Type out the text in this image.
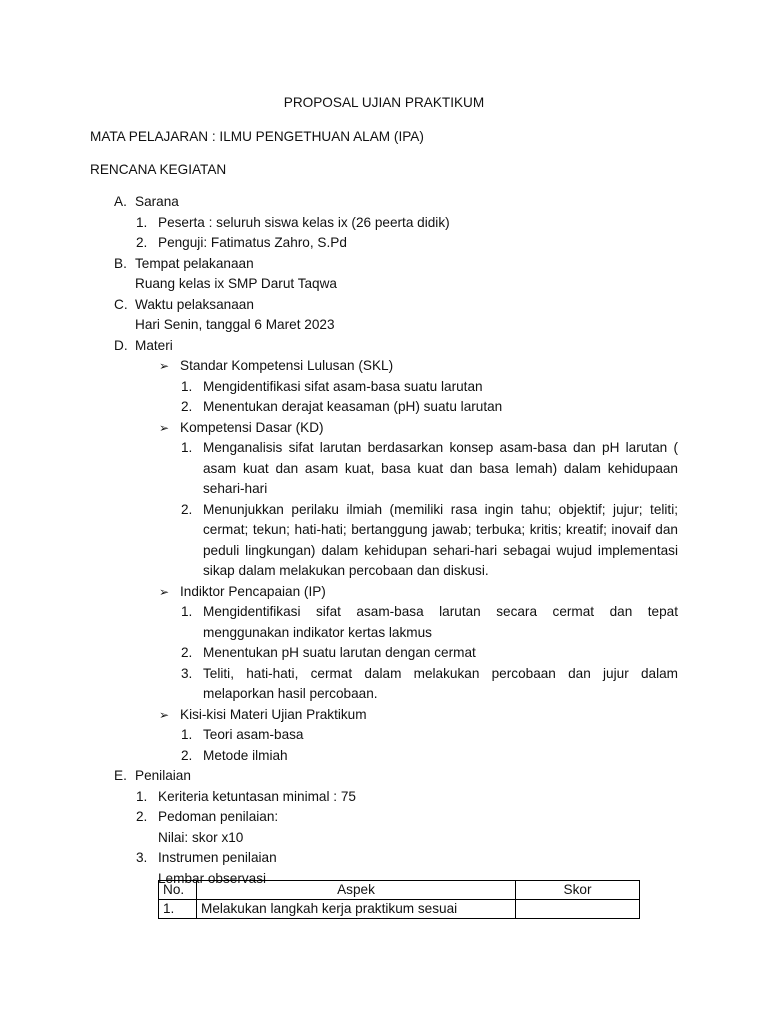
PROPOSAL UJIAN PRAKTIKUM
MATA PELAJARAN : ILMU PENGETHUAN ALAM (IPA)
RENCANA KEGIATAN
A. Sarana
1. Peserta : seluruh siswa kelas ix (26 peerta didik)
2. Penguji: Fatimatus Zahro, S.Pd
B. Tempat pelakanaan
Ruang kelas ix SMP Darut Taqwa
C. Waktu pelaksanaan
Hari Senin, tanggal 6 Maret 2023
D. Materi
➢ Standar Kompetensi Lulusan (SKL)
1. Mengidentifikasi sifat asam-basa suatu larutan
2. Menentukan derajat keasaman (pH) suatu larutan
➢ Kompetensi Dasar (KD)
1. Menganalisis sifat larutan berdasarkan konsep asam-basa dan pH larutan ( asam kuat dan asam kuat, basa kuat dan basa lemah) dalam kehidupaan sehari-hari
2. Menunjukkan perilaku ilmiah (memiliki rasa ingin tahu; objektif; jujur; teliti; cermat; tekun; hati-hati; bertanggung jawab; terbuka; kritis; kreatif; inovaif dan peduli lingkungan) dalam kehidupan sehari-hari sebagai wujud implementasi sikap dalam melakukan percobaan dan diskusi.
➢ Indiktor Pencapaian (IP)
1. Mengidentifikasi sifat asam-basa larutan secara cermat dan tepat menggunakan indikator kertas lakmus
2. Menentukan pH suatu larutan dengan cermat
3. Teliti, hati-hati, cermat dalam melakukan percobaan dan jujur dalam melaporkan hasil percobaan.
➢ Kisi-kisi Materi Ujian Praktikum
1. Teori asam-basa
2. Metode ilmiah
E. Penilaian
1. Keriteria ketuntasan minimal : 75
2. Pedoman penilaian:
Nilai: skor x10
3. Instrumen penilaian
Lembar observasi
No.	Aspek	Skor
1.	Melakukan langkah kerja praktikum sesuai	
